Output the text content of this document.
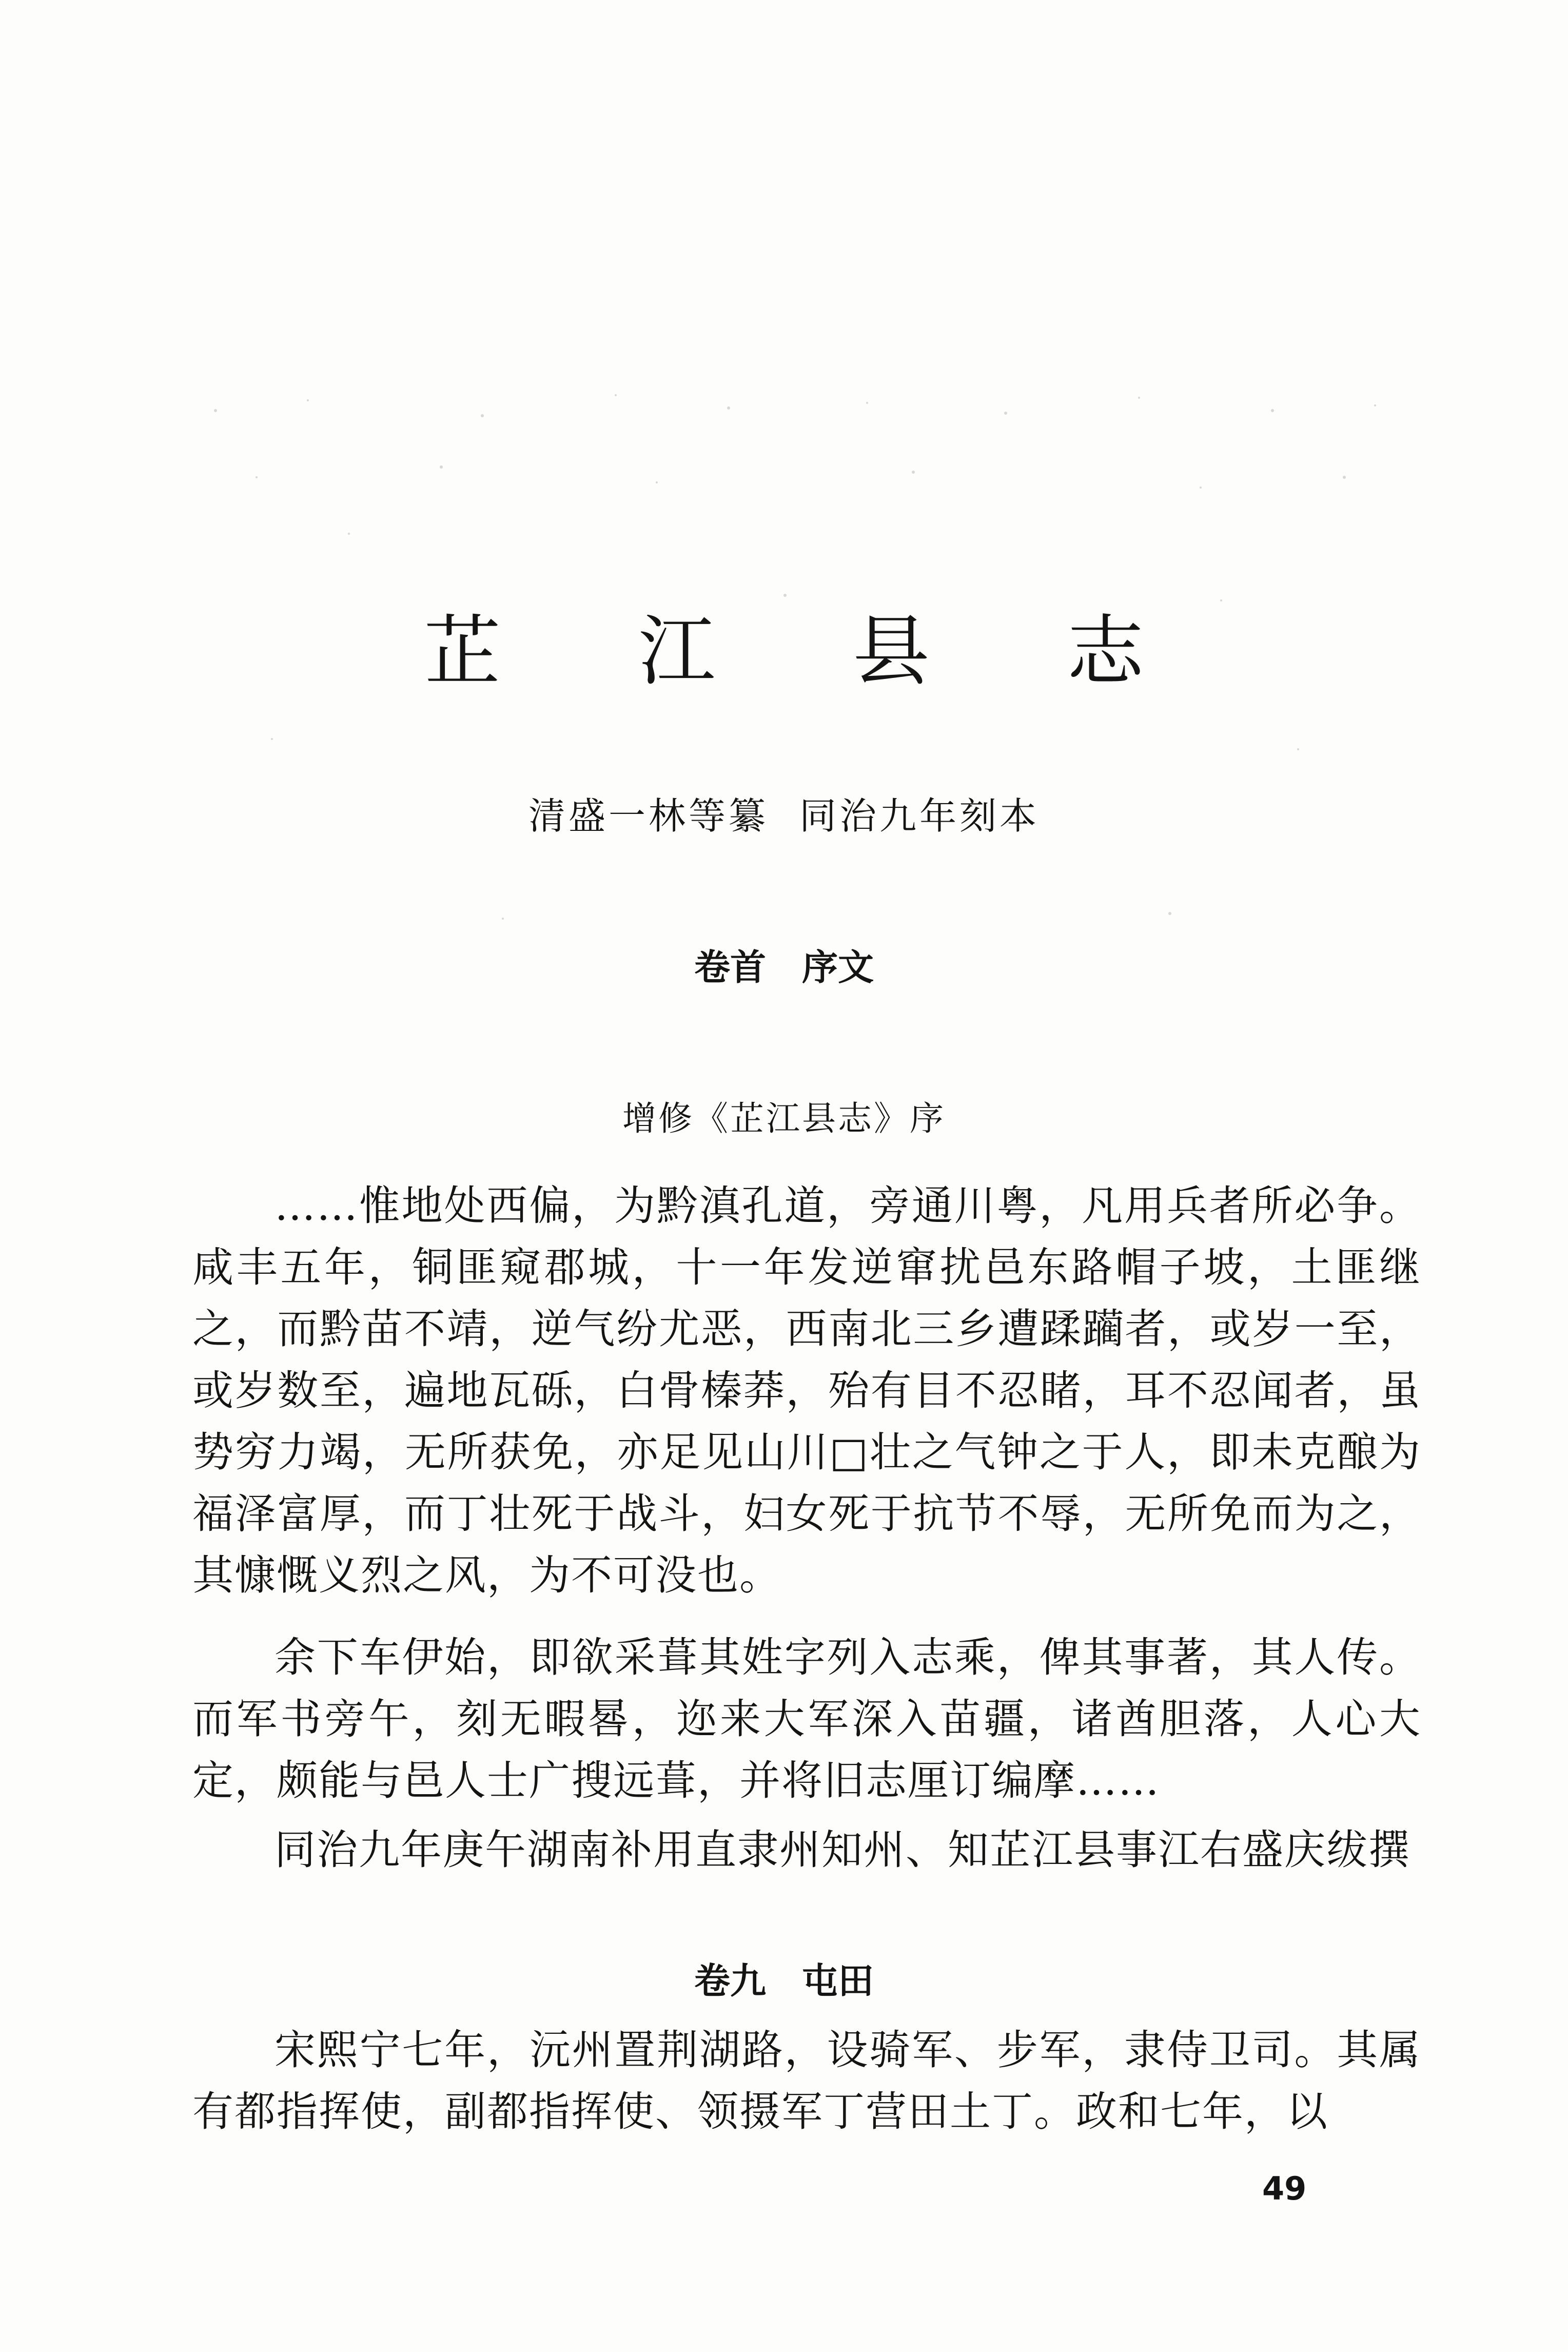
芷 江 县 志
清盛一林等纂 同治九年刻本
卷首 序文
增修《芷江县志》序

……惟地处西偏，为黔滇孔道，旁通川粤，凡用兵者所必争。咸丰五年，铜匪窥郡城，十一年发逆窜扰邑东路帽子坡，土匪继之，而黔苗不靖，逆气纷尤恶，西南北三乡遭蹂躏者，或岁一至，或岁数至，遍地瓦砾，白骨榛莽，殆有目不忍睹，耳不忍闻者，虽势穷力竭，无所获免，亦足见山川□壮之气钟之于人，即未克酿为福泽富厚，而丁壮死于战斗，妇女死于抗节不辱，无所免而为之，其慷慨义烈之风，为不可没也。

余下车伊始，即欲采葺其姓字列入志乘，俾其事著，其人传。而军书旁午，刻无暇晷，迩来大军深入苗疆，诸酋胆落，人心大定，颇能与邑人士广搜远葺，并将旧志厘订编摩……

同治九年庚午湖南补用直隶州知州、知芷江县事江右盛庆绂撰

卷九 屯田

宋熙宁七年，沅州置荆湖路，设骑军、步军，隶侍卫司。其属有都指挥使，副都指挥使、领摄军丁营田土丁。政和七年，以

49
